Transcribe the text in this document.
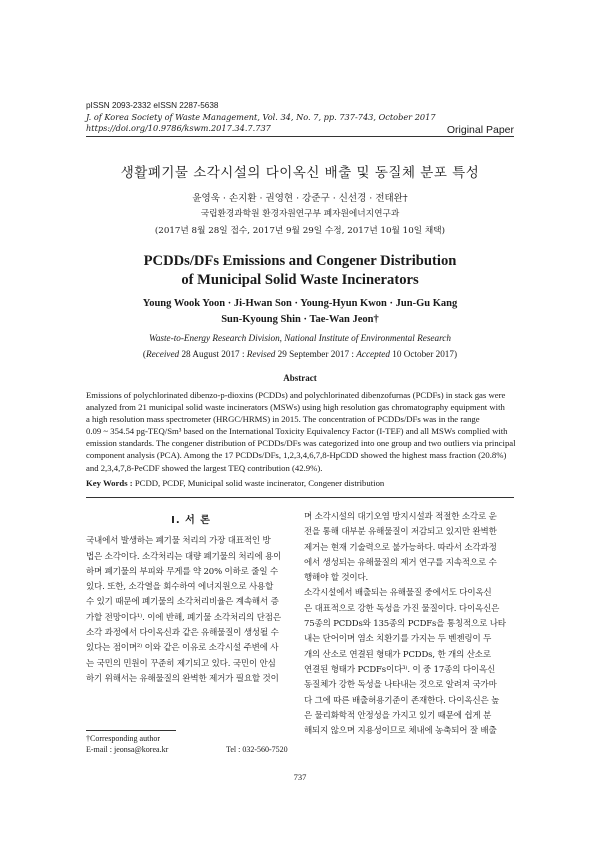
pISSN 2093-2332 eISSN 2287-5638
J. of Korea Society of Waste Management, Vol. 34, No. 7, pp. 737-743, October 2017
https://doi.org/10.9786/kswm.2017.34.7.737	Original Paper
생활폐기물 소각시설의 다이옥신 배출 및 동질체 분포 특성
윤영욱 · 손지환 · 권영현 · 강준구 · 신선경 · 전태완†
국립환경과학원 환경자원연구부 폐자원에너지연구과
(2017년 8월 28일 접수, 2017년 9월 29일 수정, 2017년 10월 10일 채택)
PCDDs/DFs Emissions and Congener Distribution
of Municipal Solid Waste Incinerators
Young Wook Yoon · Ji-Hwan Son · Young-Hyun Kwon · Jun-Gu Kang
Sun-Kyoung Shin · Tae-Wan Jeon†
Waste-to-Energy Research Division, National Institute of Environmental Research
(Received 28 August 2017 : Revised 29 September 2017 : Accepted 10 October 2017)
Abstract
Emissions of polychlorinated dibenzo-p-dioxins (PCDDs) and polychlorinated dibenzofurnas (PCDFs) in stack gas were
analyzed from 21 municipal solid waste incinerators (MSWs) using high resolution gas chromatography equipment with
a high resolution mass spectrometer (HRGC/HRMS) in 2015. The concentration of PCDDs/DFs was in the range
0.09 ~ 354.54 pg-TEQ/Sm³ based on the International Toxicity Equivalency Factor (I-TEF) and all MSWs complied with
emission standards. The congener distribution of PCDDs/DFs was categorized into one group and two outliers via principal
component analysis (PCA). Among the 17 PCDDs/DFs, 1,2,3,4,6,7,8-HpCDD showed the highest mass fraction (20.8%)
and 2,3,4,7,8-PeCDF showed the largest TEQ contribution (42.9%).
Key Words : PCDD, PCDF, Municipal solid waste incinerator, Congener distribution
I. 서 론
국내에서 발생하는 폐기물 처리의 가장 대표적인 방
법은 소각이다. 소각처리는 대량 폐기물의 처리에 용이
하며 폐기물의 부피와 무게를 약 20% 이하로 줄일 수
있다. 또한, 소각열을 회수하여 에너지원으로 사용할
수 있기 때문에 폐기물의 소각처리비율은 계속해서 증
가할 전망이다¹⁾. 이에 반해, 폐기물 소각처리의 단점은
소각 과정에서 다이옥신과 같은 유해물질이 생성될 수
있다는 점이며²⁾ 이와 같은 이유로 소각시설 주변에 사
는 국민의 민원이 꾸준히 제기되고 있다. 국민이 안심
하기 위해서는 유해물질의 완벽한 제거가 필요할 것이
며 소각시설의 대기오염 방지시설과 적절한 소각로 운
전을 통해 대부분 유해물질이 저감되고 있지만 완벽한
제거는 현재 기술력으로 불가능하다. 따라서 소각과정
에서 생성되는 유해물질의 제거 연구를 지속적으로 수
행해야 할 것이다.
소각시설에서 배출되는 유해물질 중에서도 다이옥신
은 대표적으로 강한 독성을 가진 물질이다. 다이옥신은
75종의 PCDDs와 135종의 PCDFs을 통칭적으로 나타
내는 단어이며 염소 치환기를 가지는 두 벤젠링이 두
개의 산소로 연결된 형태가 PCDDs, 한 개의 산소로
연결된 형태가 PCDFs이다³⁾. 이 중 17종의 다이옥신
동질체가 강한 독성을 나타내는 것으로 알려져 국가마
다 그에 따른 배출허용기준이 존재한다. 다이옥신은 높
은 물리화학적 안정성을 가지고 있기 때문에 쉽게 분
해되지 않으며 지용성이므로 체내에 농축되어 잘 배출
†Corresponding author
E-mail : jeonsa@korea.kr	Tel : 032-560-7520
737
